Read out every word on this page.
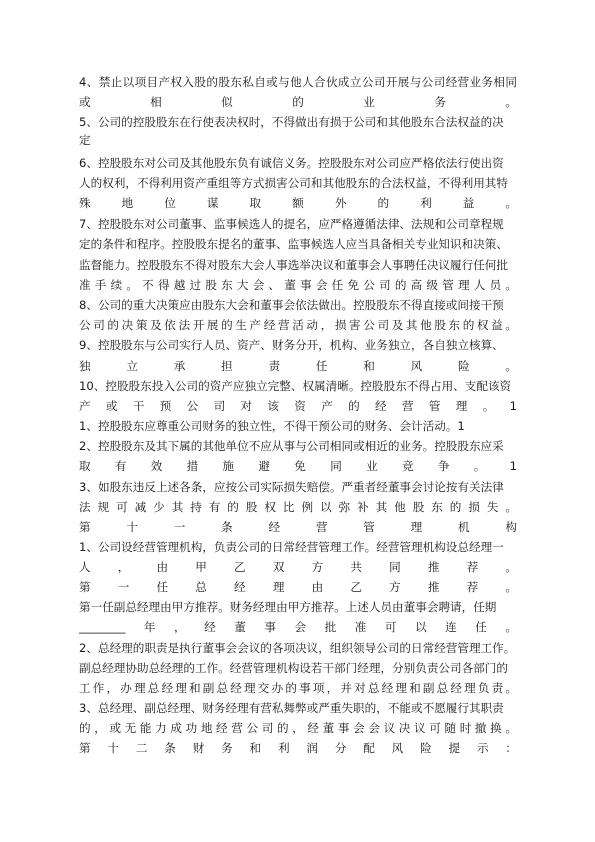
4、禁止以项目产权入股的股东私自或与他人合伙成立公司开展与公司经营业务相同
或相似的业务。
5、公司的控股股东在行使表决权时，不得做出有损于公司和其他股东合法权益的决
定
6、控股股东对公司及其他股东负有诚信义务。控股股东对公司应严格依法行使出资
人的权利，不得利用资产重组等方式损害公司和其他股东的合法权益，不得利用其特
殊地位谋取额外的利益。
7、控股股东对公司董事、监事候选人的提名，应严格遵循法律、法规和公司章程规
定的条件和程序。控股股东提名的董事、监事候选人应当具备相关专业知识和决策、
监督能力。控股股东不得对股东大会人事选举决议和董事会人事聘任决议履行任何批
准手续。不得越过股东大会、董事会任免公司的高级管理人员。
8、公司的重大决策应由股东大会和董事会依法做出。控股股东不得直接或间接干预
公司的决策及依法开展的生产经营活动，损害公司及其他股东的权益。
9、控股股东与公司实行人员、资产、财务分开，机构、业务独立，各自独立核算、
独立承担责任和风险。
10、控股股东投入公司的资产应独立完整、权属清晰。控股股东不得占用、支配该资
产或干预公司对该资产的经营管理。1
1、控股股东应尊重公司财务的独立性，不得干预公司的财务、会计活动。1
2、控股股东及其下属的其他单位不应从事与公司相同或相近的业务。控股股东应采
取有效措施避免同业竞争。1
3、如股东违反上述各条，应按公司实际损失赔偿。严重者经董事会讨论按有关法律
法规可减少其持有的股权比例以弥补其他股东的损失。
第十一条经营管理机构
1、公司设经营管理机构，负责公司的日常经营管理工作。经营管理机构设总经理一
人，由甲乙双方共同推荐。
第一任总经理由乙方推荐。
第一任副总经理由甲方推荐。财务经理由甲方推荐。上述人员由董事会聘请，任期
________年，经董事会批准可以连任。
2、总经理的职责是执行董事会会议的各项决议，组织领导公司的日常经营管理工作。
副总经理协助总经理的工作。经营管理机构设若干部门经理，分别负责公司各部门的
工作，办理总经理和副总经理交办的事项，并对总经理和副总经理负责。
3、总经理、副总经理、财务经理有营私舞弊或严重失职的，不能或不愿履行其职责
的，或无能力成功地经营公司的，经董事会会议决议可随时撤换。
第十二条财务和利润分配风险提示：
